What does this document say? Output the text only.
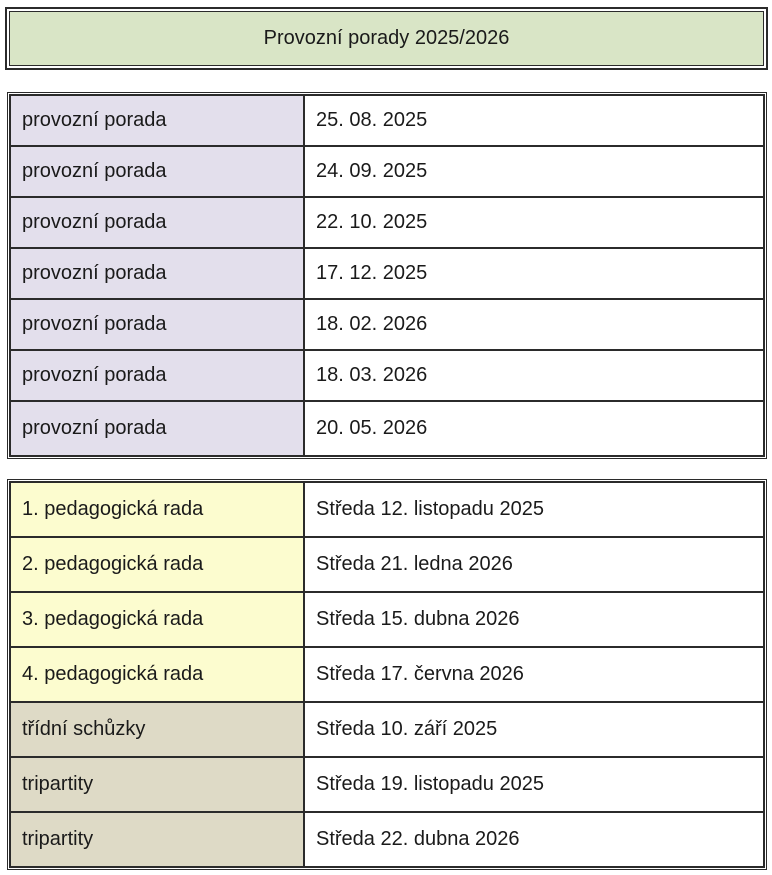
Provozní porady 2025/2026
provozní porada	25. 08. 2025
provozní porada	24. 09. 2025
provozní porada	22. 10. 2025
provozní porada	17. 12. 2025
provozní porada	18. 02. 2026
provozní porada	18. 03. 2026
provozní porada	20. 05. 2026
1. pedagogická rada	Středa 12. listopadu 2025
2. pedagogická rada	Středa 21. ledna 2026
3. pedagogická rada	Středa 15. dubna 2026
4. pedagogická rada	Středa 17. června 2026
třídní schůzky	Středa 10. září 2025
tripartity	Středa 19. listopadu 2025
tripartity	Středa 22. dubna 2026
